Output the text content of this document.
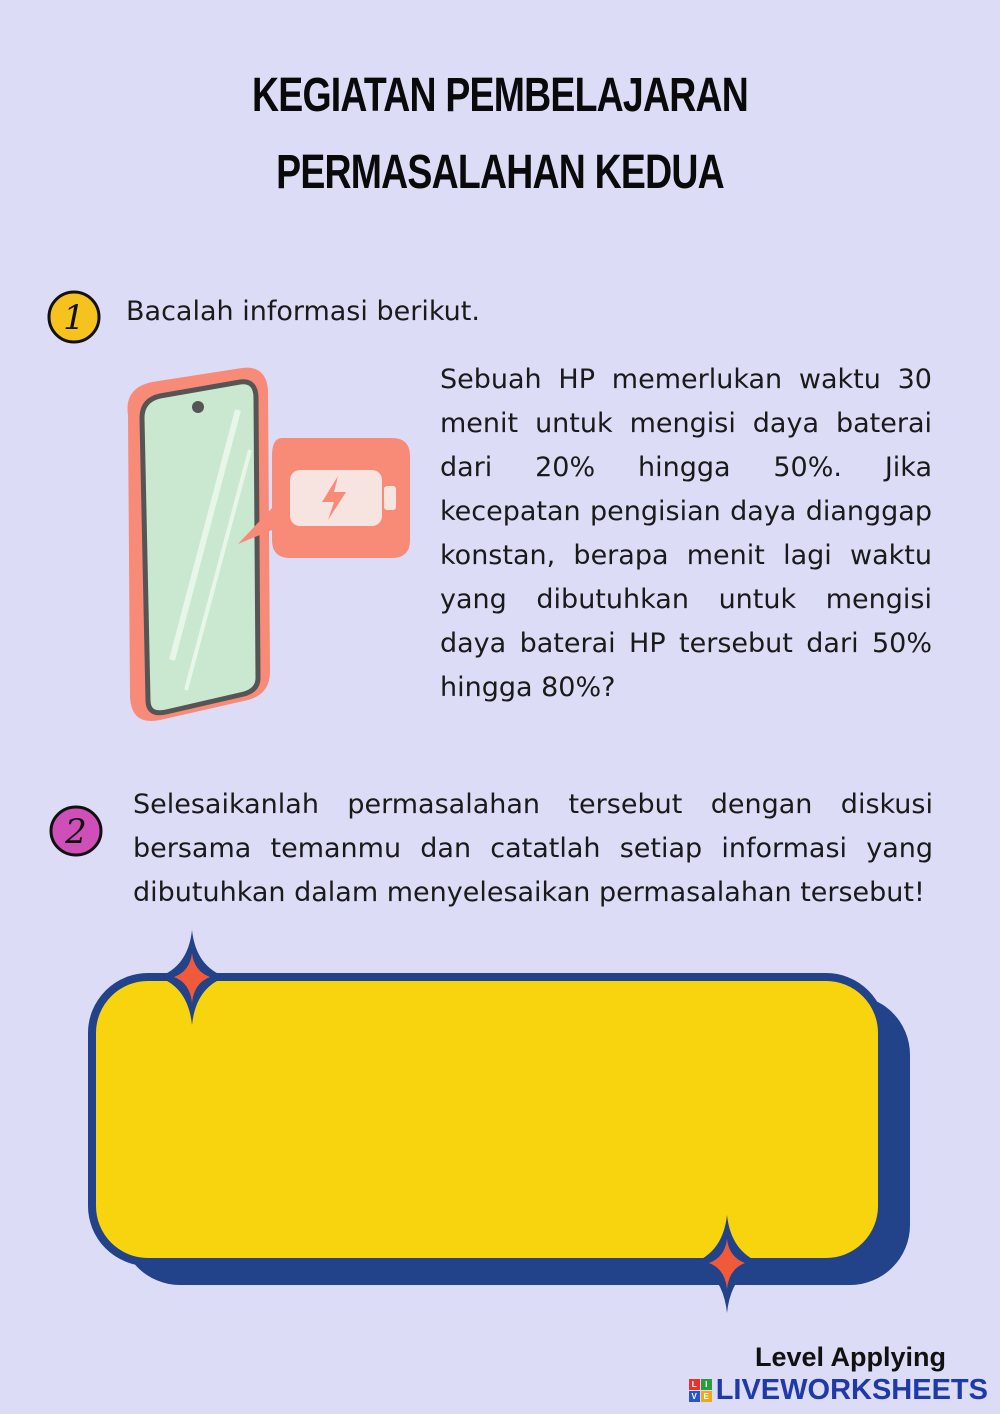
KEGIATAN PEMBELAJARAN
PERMASALAHAN KEDUA
1 Bacalah informasi berikut.
Sebuah HP memerlukan waktu 30 menit untuk mengisi daya baterai dari 20% hingga 50%. Jika kecepatan pengisian daya dianggap konstan, berapa menit lagi waktu yang dibutuhkan untuk mengisi daya baterai HP tersebut dari 50% hingga 80%?
2
Selesaikanlah permasalahan tersebut dengan diskusi bersama temanmu dan catatlah setiap informasi yang dibutuhkan dalam menyelesaikan permasalahan tersebut!
Level Applying
L	I
V E LIVEWORKSHEETS
